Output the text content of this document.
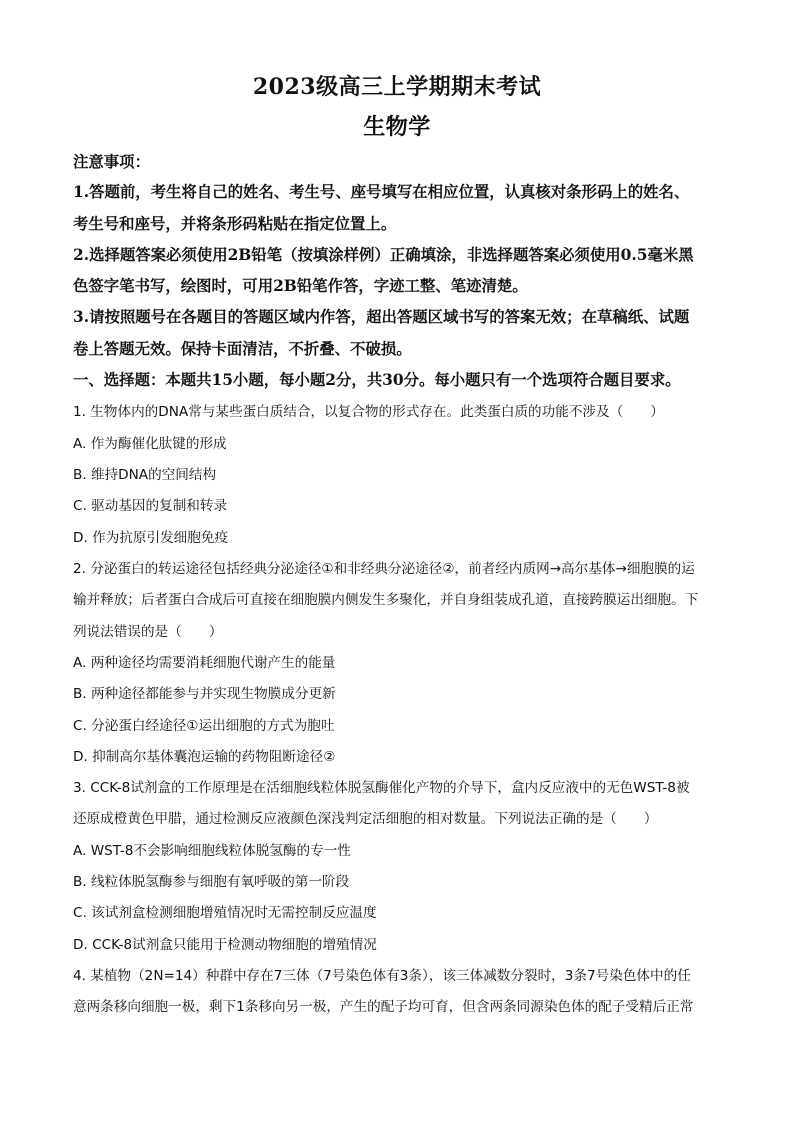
2023级高三上学期期末考试
生物学
注意事项：
1.答题前，考生将自己的姓名、考生号、座号填写在相应位置，认真核对条形码上的姓名、
考生号和座号，并将条形码粘贴在指定位置上。
2.选择题答案必须使用2B铅笔（按填涂样例）正确填涂，非选择题答案必须使用0.5毫米黑
色签字笔书写，绘图时，可用2B铅笔作答，字迹工整、笔迹清楚。
3.请按照题号在各题目的答题区域内作答，超出答题区域书写的答案无效；在草稿纸、试题
卷上答题无效。保持卡面清洁，不折叠、不破损。
一、选择题：本题共15小题，每小题2分，共30分。每小题只有一个选项符合题目要求。
1. 生物体内的DNA常与某些蛋白质结合，以复合物的形式存在。此类蛋白质的功能不涉及（　　）
A. 作为酶催化肽键的形成
B. 维持DNA的空间结构
C. 驱动基因的复制和转录
D. 作为抗原引发细胞免疫
2. 分泌蛋白的转运途径包括经典分泌途径①和非经典分泌途径②，前者经内质网→高尔基体→细胞膜的运
输并释放；后者蛋白合成后可直接在细胞膜内侧发生多聚化，并自身组装成孔道，直接跨膜运出细胞。下
列说法错误的是（　　）
A. 两种途径均需要消耗细胞代谢产生的能量
B. 两种途径都能参与并实现生物膜成分更新
C. 分泌蛋白经途径①运出细胞的方式为胞吐
D. 抑制高尔基体囊泡运输的药物阻断途径②
3. CCK-8试剂盒的工作原理是在活细胞线粒体脱氢酶催化产物的介导下，盒内反应液中的无色WST-8被
还原成橙黄色甲腊，通过检测反应液颜色深浅判定活细胞的相对数量。下列说法正确的是（　　）
A. WST-8不会影响细胞线粒体脱氢酶的专一性
B. 线粒体脱氢酶参与细胞有氧呼吸的第一阶段
C. 该试剂盒检测细胞增殖情况时无需控制反应温度
D. CCK-8试剂盒只能用于检测动物细胞的增殖情况
4. 某植物（2N=14）种群中存在7三体（7号染色体有3条），该三体减数分裂时，3条7号染色体中的任
意两条移向细胞一极，剩下1条移向另一极，产生的配子均可育，但含两条同源染色体的配子受精后正常
